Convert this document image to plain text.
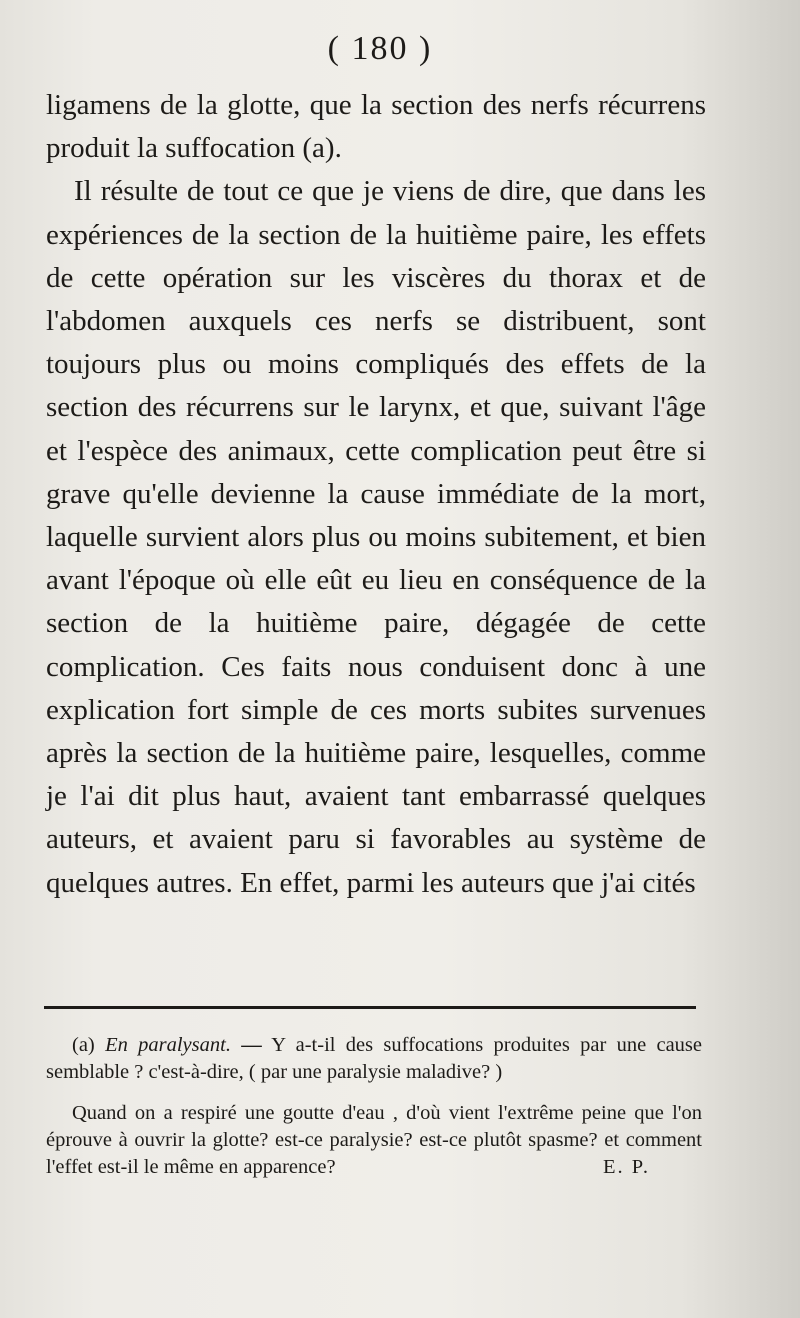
( 180 )

ligamens de la glotte, que la section des nerfs récurrens produit la suffocation (a).

Il résulte de tout ce que je viens de dire, que dans les expériences de la section de la huitième paire, les effets de cette opération sur les viscères du thorax et de l'abdomen auxquels ces nerfs se distribuent, sont toujours plus ou moins compliqués des effets de la section des récurrens sur le larynx, et que, suivant l'âge et l'espèce des animaux, cette complication peut être si grave qu'elle devienne la cause immédiate de la mort, laquelle survient alors plus ou moins subitement, et bien avant l'époque où elle eût eu lieu en conséquence de la section de la huitième paire, dégagée de cette complication. Ces faits nous conduisent donc à une explication fort simple de ces morts subites survenues après la section de la huitième paire, lesquelles, comme je l'ai dit plus haut, avaient tant embarrassé quelques auteurs, et avaient paru si favorables au système de quelques autres. En effet, parmi les auteurs que j'ai cités

(a) En paralysant. — Y a-t-il des suffocations produites par une cause semblable ? c'est-à-dire, ( par une paralysie maladive? )

Quand on a respiré une goutte d'eau , d'où vient l'extrême peine que l'on éprouve à ouvrir la glotte? est-ce paralysie? est-ce plutôt spasme? et comment l'effet est-il le même en apparence?	E. P.
